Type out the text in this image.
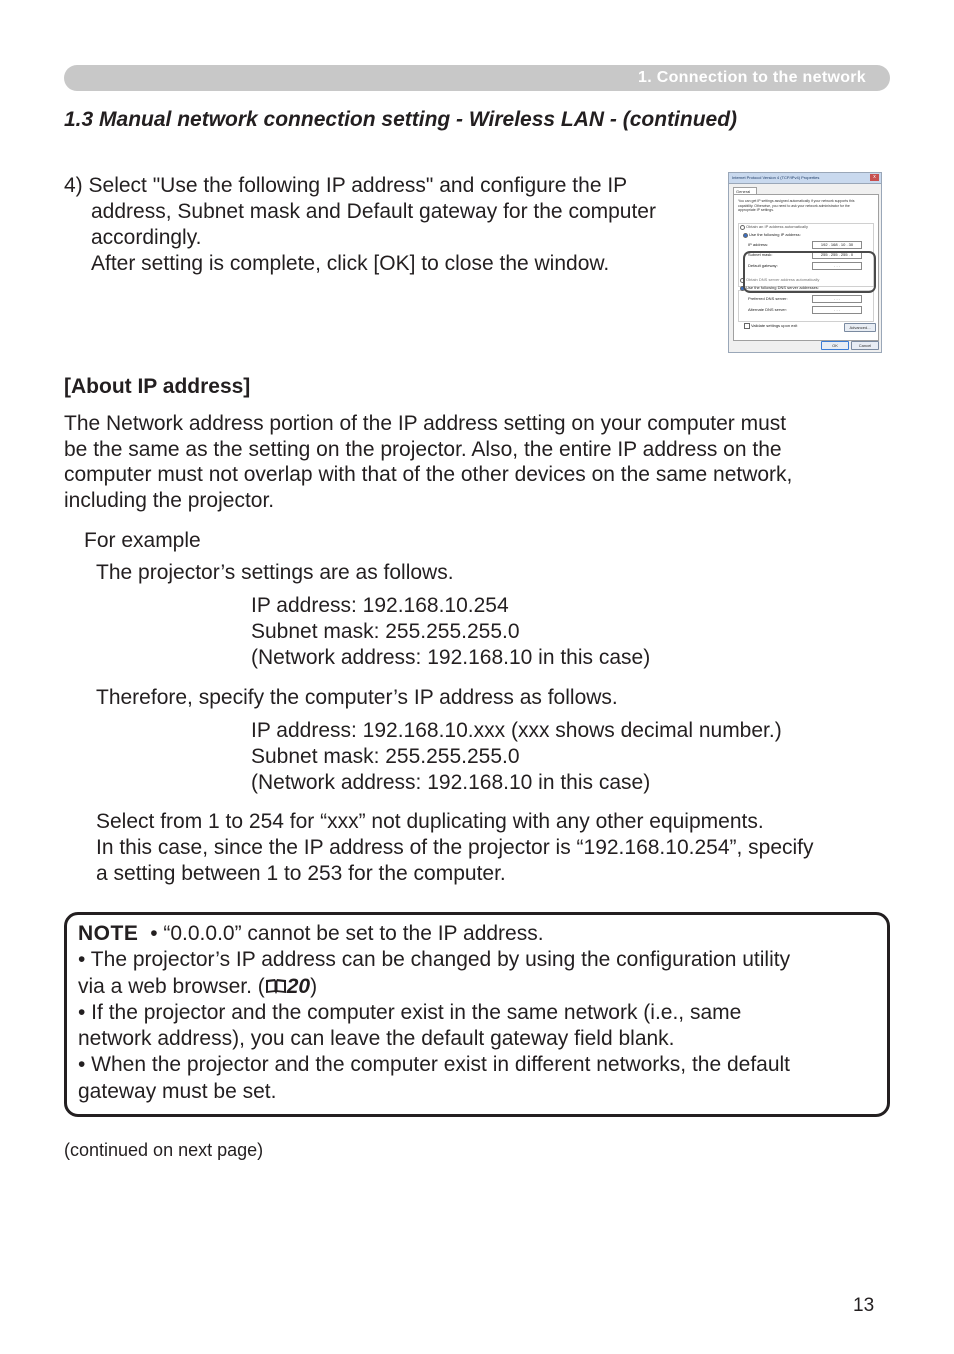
1. Connection to the network
1.3 Manual network connection setting - Wireless LAN - (continued)
4) Select "Use the following IP address" and configure the IP
address, Subnet mask and Default gateway for the computer
accordingly.
After setting is complete, click [OK] to close the window.
Internet Protocol Version 4 (TCP/IPv4) Properties	x
General
You can get IP settings assigned automatically if your network supports this capability. Otherwise, you need to ask your network administrator for the appropriate IP settings.
Obtain an IP address automatically
Use the following IP address:
IP address:	192 . 168 . 10 . 30
Subnet mask:	255 . 255 . 255 . 0
Default gateway:	. . .
Obtain DNS server address automatically
Use the following DNS server addresses:
Preferred DNS server:	. . .
Alternate DNS server:	. . .
Validate settings upon exit	Advanced...
OK	Cancel
[About IP address]
The Network address portion of the IP address setting on your computer must
be the same as the setting on the projector. Also, the entire IP address on the
computer must not overlap with that of the other devices on the same network,
including the projector.
For example
The projector’s settings are as follows.
IP address: 192.168.10.254
Subnet mask: 255.255.255.0
(Network address: 192.168.10 in this case)
Therefore, specify the computer’s IP address as follows.
IP address: 192.168.10.xxx (xxx shows decimal number.)
Subnet mask: 255.255.255.0
(Network address: 192.168.10 in this case)
Select from 1 to 254 for “xxx” not duplicating with any other equipments.
In this case, since the IP address of the projector is “192.168.10.254”, specify
a setting between 1 to 253 for the computer.
NOTE • “0.0.0.0” cannot be set to the IP address.
• The projector’s IP address can be changed by using the configuration utility
via a web browser. ( 20)
• If the projector and the computer exist in the same network (i.e., same
network address), you can leave the default gateway field blank.
• When the projector and the computer exist in different networks, the default
gateway must be set.
(continued on next page)
13
